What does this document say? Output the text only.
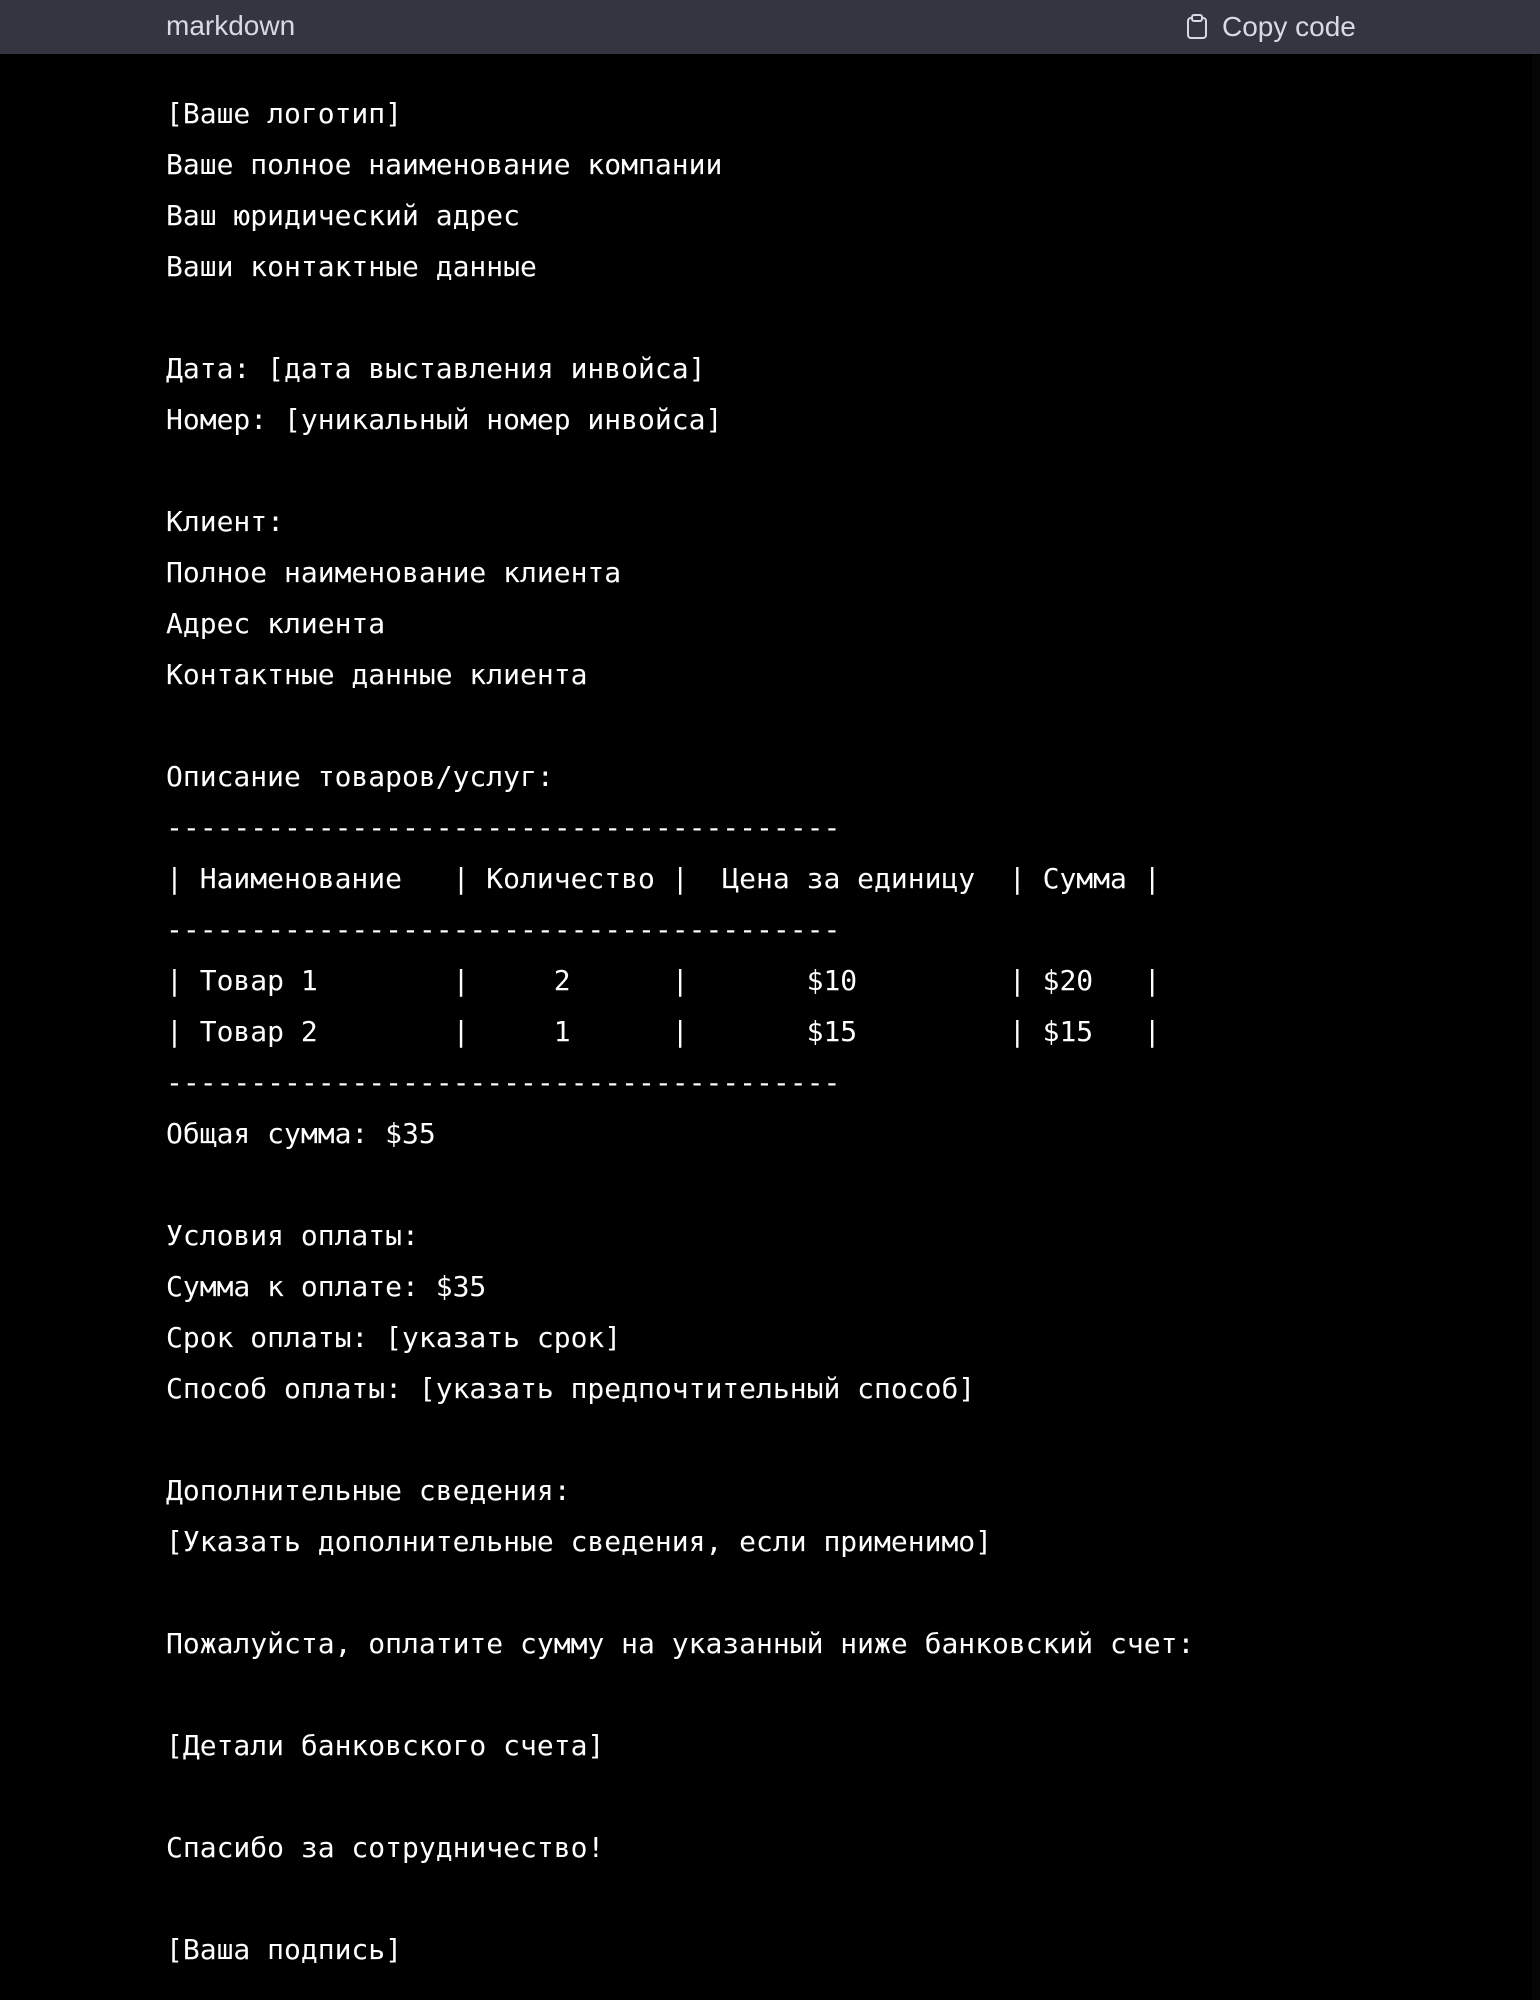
markdown	Copy code
[Ваше логотип]
Ваше полное наименование компании
Ваш юридический адрес
Ваши контактные данные
Дата: [дата выставления инвойса]
Номер: [уникальный номер инвойса]
Клиент:
Полное наименование клиента
Адрес клиента
Контактные данные клиента
Описание товаров/услуг:
----------------------------------------
| Наименование   | Количество |  Цена за единицу  | Сумма |
----------------------------------------
| Товар 1        |     2      |       $10         | $20   |
| Товар 2        |     1      |       $15         | $15   |
----------------------------------------
Общая сумма: $35
Условия оплаты:
Сумма к оплате: $35
Срок оплаты: [указать срок]
Способ оплаты: [указать предпочтительный способ]
Дополнительные сведения:
[Указать дополнительные сведения, если применимо]
Пожалуйста, оплатите сумму на указанный ниже банковский счет:
[Детали банковского счета]
Спасибо за сотрудничество!
[Ваша подпись]
